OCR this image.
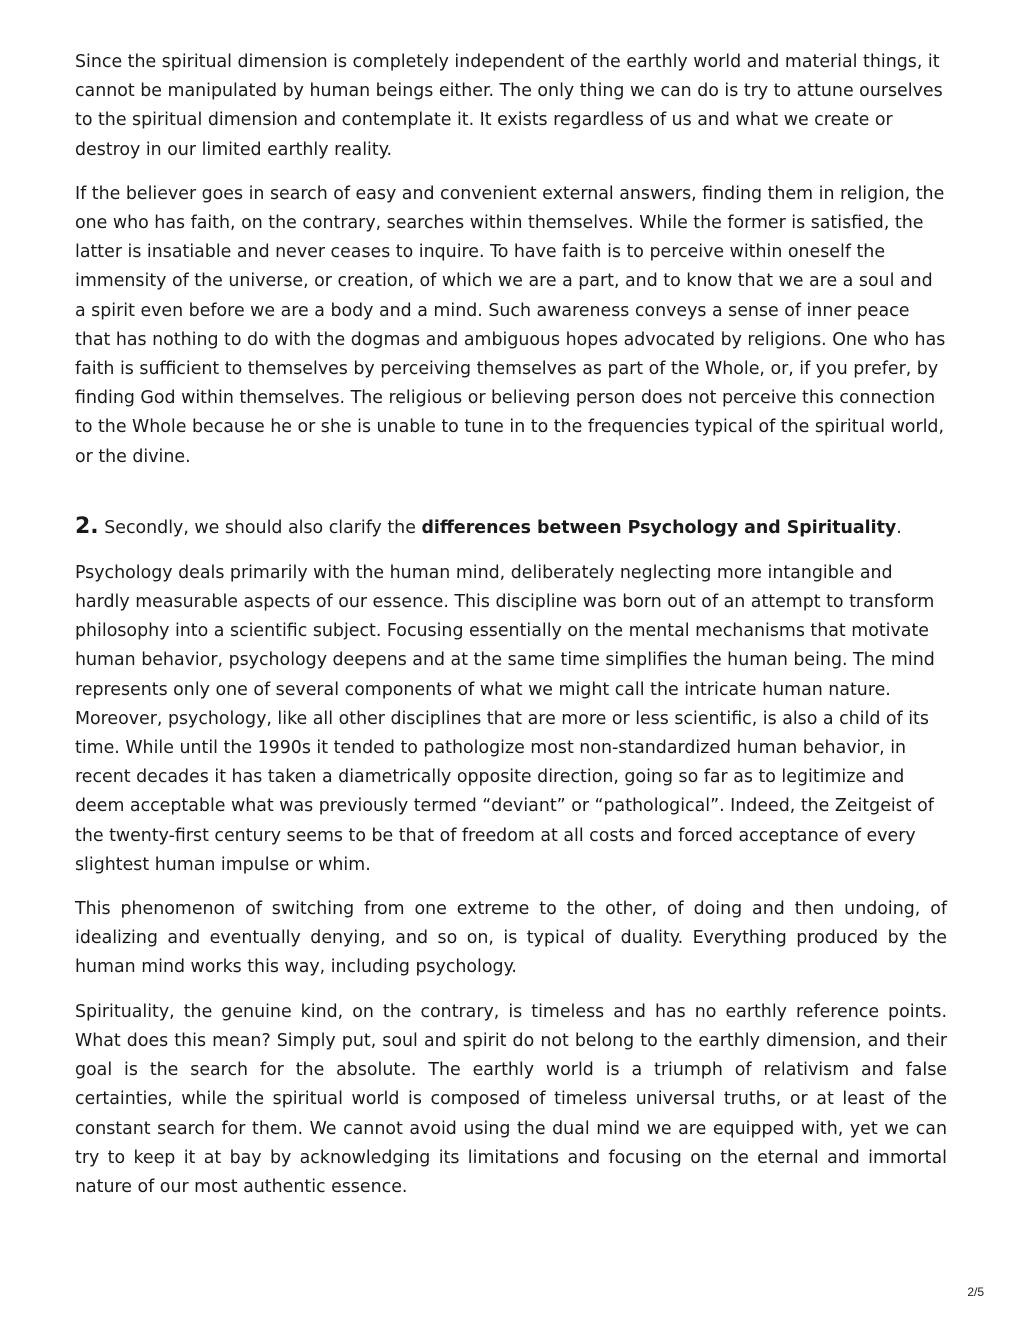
Since the spiritual dimension is completely independent of the earthly world and material things, it cannot be manipulated by human beings either. The only thing we can do is try to attune ourselves to the spiritual dimension and contemplate it. It exists regardless of us and what we create or destroy in our limited earthly reality.

If the believer goes in search of easy and convenient external answers, finding them in religion, the one who has faith, on the contrary, searches within themselves. While the former is satisfied, the latter is insatiable and never ceases to inquire. To have faith is to perceive within oneself the immensity of the universe, or creation, of which we are a part, and to know that we are a soul and a spirit even before we are a body and a mind. Such awareness conveys a sense of inner peace that has nothing to do with the dogmas and ambiguous hopes advocated by religions. One who has faith is sufficient to themselves by perceiving themselves as part of the Whole, or, if you prefer, by finding God within themselves. The religious or believing person does not perceive this connection to the Whole because he or she is unable to tune in to the frequencies typical of the spiritual world, or the divine.

2. Secondly, we should also clarify the differences between Psychology and Spirituality.

Psychology deals primarily with the human mind, deliberately neglecting more intangible and hardly measurable aspects of our essence. This discipline was born out of an attempt to transform philosophy into a scientific subject. Focusing essentially on the mental mechanisms that motivate human behavior, psychology deepens and at the same time simplifies the human being. The mind represents only one of several components of what we might call the intricate human nature. Moreover, psychology, like all other disciplines that are more or less scientific, is also a child of its time. While until the 1990s it tended to pathologize most non-standardized human behavior, in recent decades it has taken a diametrically opposite direction, going so far as to legitimize and deem acceptable what was previously termed “deviant” or “pathological”. Indeed, the Zeitgeist of the twenty-first century seems to be that of freedom at all costs and forced acceptance of every slightest human impulse or whim.

This phenomenon of switching from one extreme to the other, of doing and then undoing, of idealizing and eventually denying, and so on, is typical of duality. Everything produced by the human mind works this way, including psychology.

Spirituality, the genuine kind, on the contrary, is timeless and has no earthly reference points. What does this mean? Simply put, soul and spirit do not belong to the earthly dimension, and their goal is the search for the absolute. The earthly world is a triumph of relativism and false certainties, while the spiritual world is composed of timeless universal truths, or at least of the constant search for them. We cannot avoid using the dual mind we are equipped with, yet we can try to keep it at bay by acknowledging its limitations and focusing on the eternal and immortal nature of our most authentic essence.

2/5
